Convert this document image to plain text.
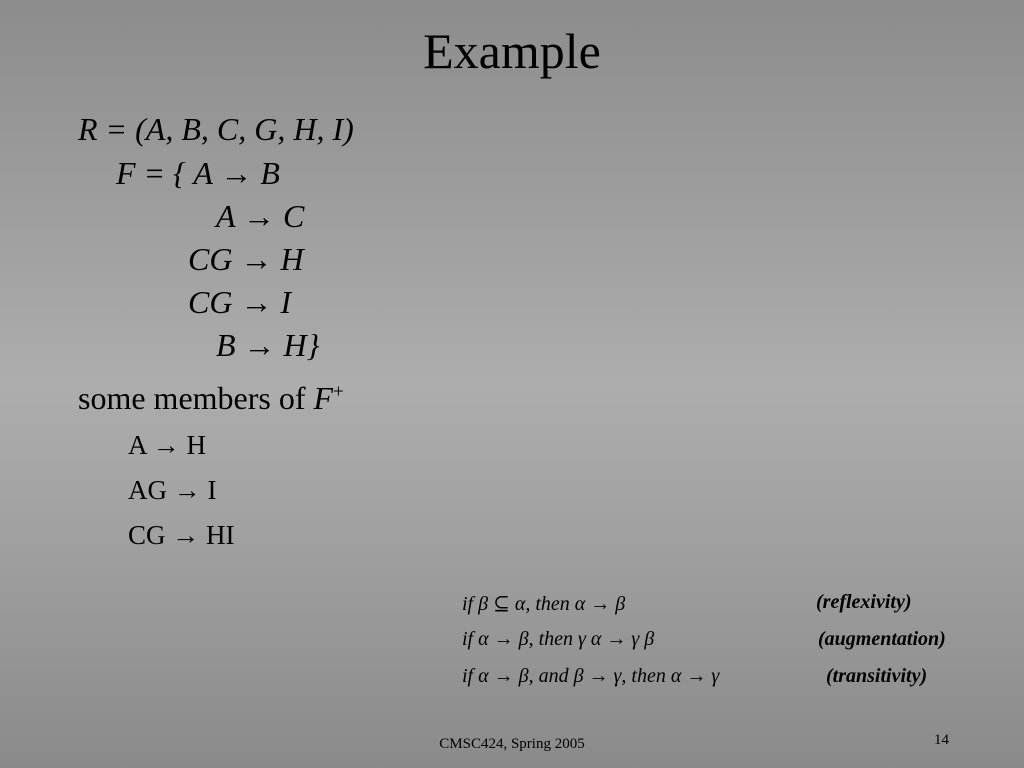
Example
R = (A, B, C, G, H, I)
F = { A → B
A → C
CG → H
CG → I
B → H}
some members of F+
A → H
AG → I
CG → HI
if β ⊆ α, then α → β	(reflexivity)
if α → β, then γ α → γ β	(augmentation)
if α → β, and β → γ, then α → γ	(transitivity)
CMSC424, Spring 2005	14
